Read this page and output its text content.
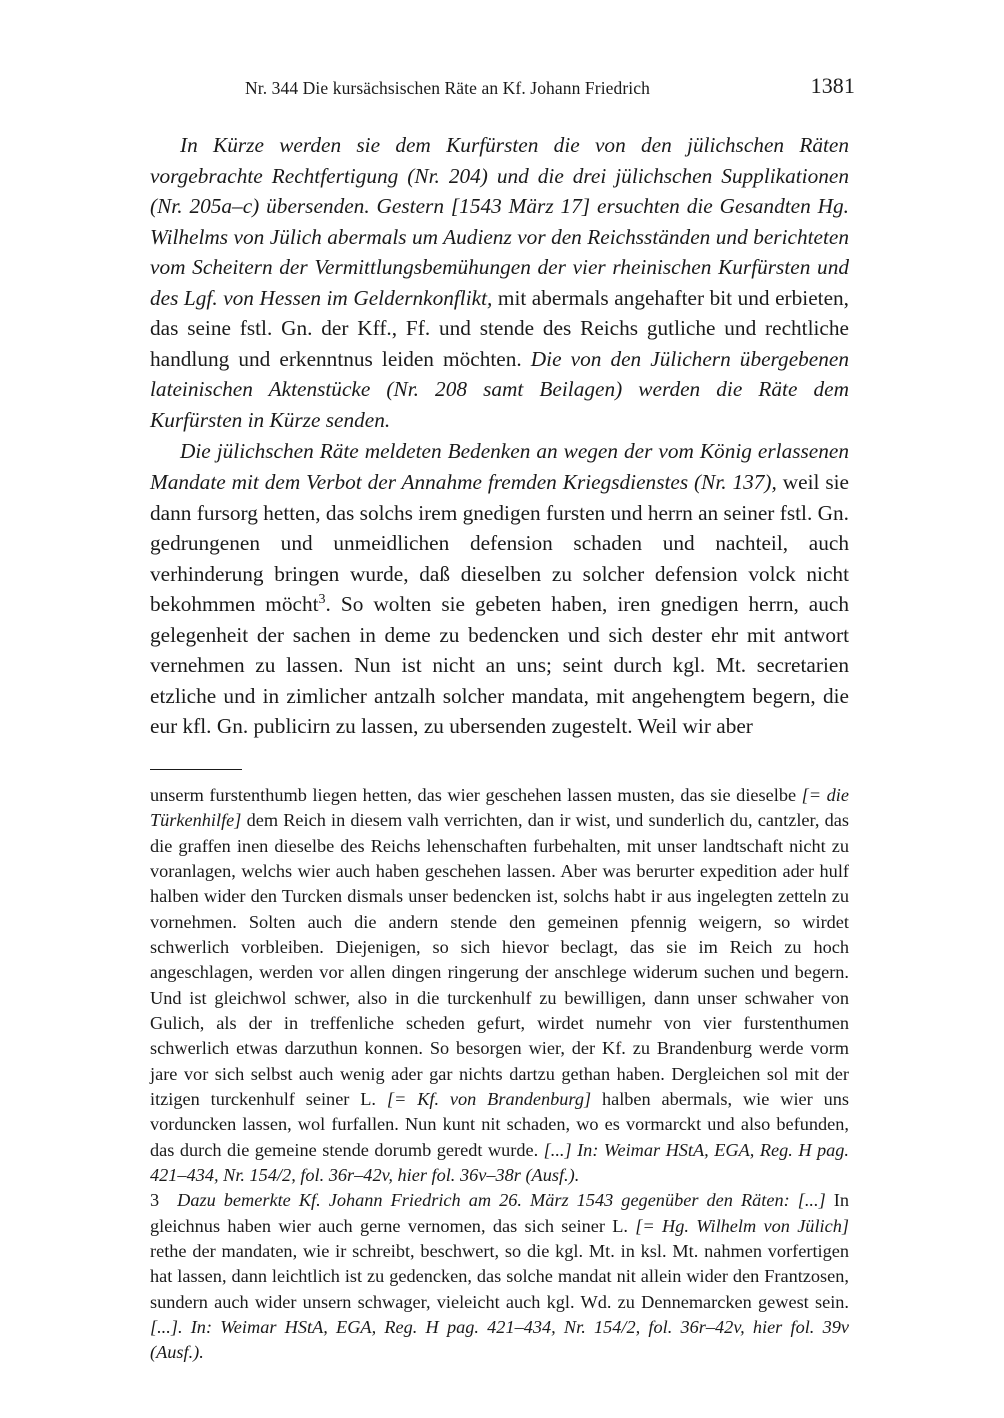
Nr. 344 Die kursächsischen Räte an Kf. Johann Friedrich	1381

In Kürze werden sie dem Kurfürsten die von den jülichschen Räten vorgebrachte Rechtfertigung (Nr. 204) und die drei jülichschen Supplikationen (Nr. 205a–c) übersenden. Gestern [1543 März 17] ersuchten die Gesandten Hg. Wilhelms von Jülich abermals um Audienz vor den Reichsständen und berichteten vom Scheitern der Vermittlungsbemühungen der vier rheinischen Kurfürsten und des Lgf. von Hessen im Geldernkonflikt, mit abermals angehafter bit und erbieten, das seine fstl. Gn. der Kff., Ff. und stende des Reichs gutliche und rechtliche handlung und erkenntnus leiden möchten. Die von den Jülichern übergebenen lateinischen Aktenstücke (Nr. 208 samt Beilagen) werden die Räte dem Kurfürsten in Kürze senden.

Die jülichschen Räte meldeten Bedenken an wegen der vom König erlassenen Mandate mit dem Verbot der Annahme fremden Kriegsdienstes (Nr. 137), weil sie dann fursorg hetten, das solchs irem gnedigen fursten und herrn an seiner fstl. Gn. gedrungenen und unmeidlichen defension schaden und nachteil, auch verhinderung bringen wurde, daß dieselben zu solcher defension volck nicht bekohmmen möcht$^3$. So wolten sie gebeten haben, iren gnedigen herrn, auch gelegenheit der sachen in deme zu bedencken und sich dester ehr mit antwort vernehmen zu lassen. Nun ist nicht an uns; seint durch kgl. Mt. secretarien etzliche und in zimlicher antzalh solcher mandata, mit angehengtem begern, die eur kfl. Gn. publicirn zu lassen, zu ubersenden zugestelt. Weil wir aber

unserm furstenthumb liegen hetten, das wier geschehen lassen musten, das sie dieselbe [= die Türkenhilfe] dem Reich in diesem valh verrichten, dan ir wist, und sunderlich du, cantzler, das die graffen inen dieselbe des Reichs lehenschaften furbehalten, mit unser landtschaft nicht zu voranlagen, welchs wier auch haben geschehen lassen. Aber was berurter expedition ader hulf halben wider den Turcken dismals unser bedencken ist, solchs habt ir aus ingelegten zetteln zu vornehmen. Solten auch die andern stende den gemeinen pfennig weigern, so wirdet schwerlich vorbleiben. Diejenigen, so sich hievor beclagt, das sie im Reich zu hoch angeschlagen, werden vor allen dingen ringerung der anschlege widerum suchen und begern. Und ist gleichwol schwer, also in die turckenhulf zu bewilligen, dann unser schwaher von Gulich, als der in treffenliche scheden gefurt, wirdet numehr von vier furstenthumen schwerlich etwas darzuthun konnen. So besorgen wier, der Kf. zu Brandenburg werde vorm jare vor sich selbst auch wenig ader gar nichts dartzu gethan haben. Dergleichen sol mit der itzigen turckenhulf seiner L. [= Kf. von Brandenburg] halben abermals, wie wier uns vorduncken lassen, wol furfallen. Nun kunt nit schaden, wo es vormarckt und also befunden, das durch die gemeine stende dorumb geredt wurde. [...] In: Weimar HStA, EGA, Reg. H pag. 421–434, Nr. 154/2, fol. 36r–42v, hier fol. 36v–38r (Ausf.).

3 Dazu bemerkte Kf. Johann Friedrich am 26. März 1543 gegenüber den Räten: [...] In gleichnus haben wier auch gerne vernomen, das sich seiner L. [= Hg. Wilhelm von Jülich] rethe der mandaten, wie ir schreibt, beschwert, so die kgl. Mt. in ksl. Mt. nahmen vorfertigen hat lassen, dann leichtlich ist zu gedencken, das solche mandat nit allein wider den Frantzosen, sundern auch wider unsern schwager, vieleicht auch kgl. Wd. zu Dennemarcken gewest sein. [...]. In: Weimar HStA, EGA, Reg. H pag. 421–434, Nr. 154/2, fol. 36r–42v, hier fol. 39v (Ausf.).
